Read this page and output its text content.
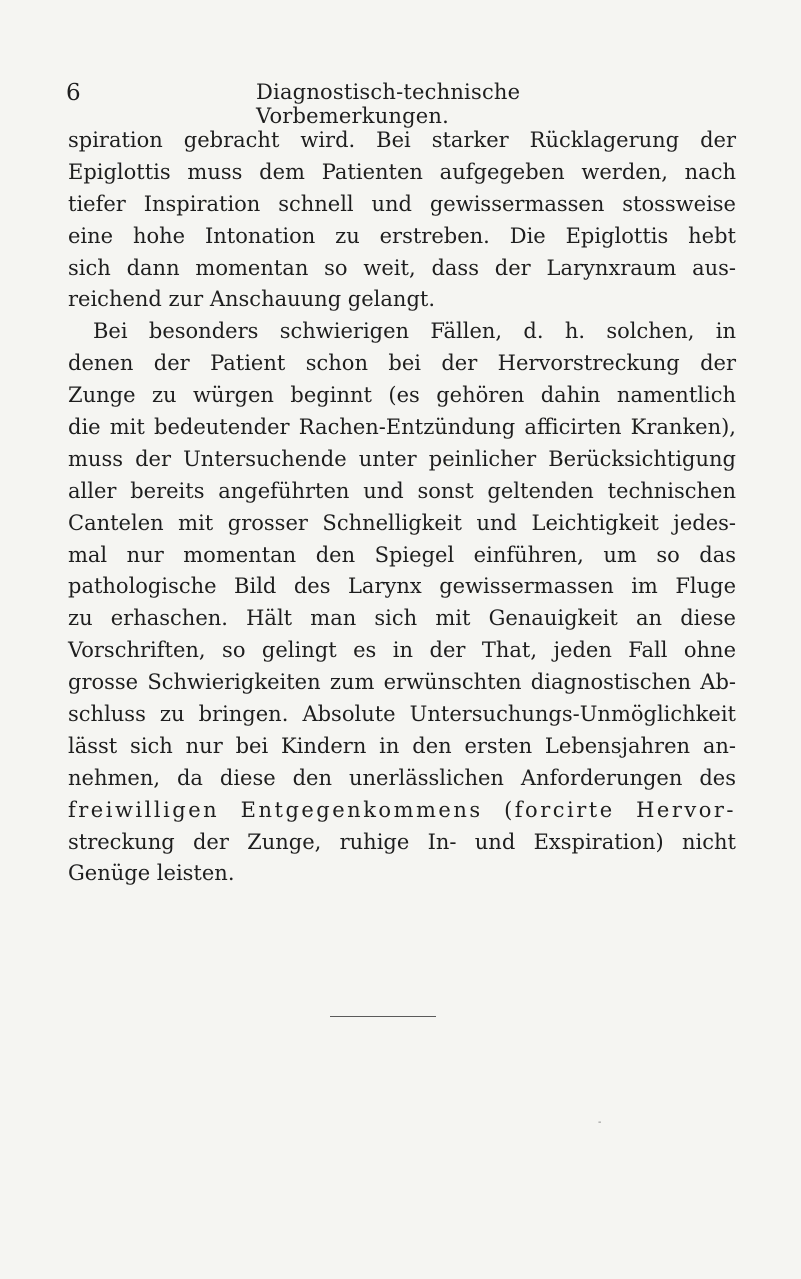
6	Diagnostisch-technische Vorbemerkungen.
spiration gebracht wird. Bei starker Rücklagerung der
Epiglottis muss dem Patienten aufgegeben werden, nach
tiefer Inspiration schnell und gewissermassen stossweise
eine hohe Intonation zu erstreben. Die Epiglottis hebt
sich dann momentan so weit, dass der Larynxraum aus-
reichend zur Anschauung gelangt.
Bei besonders schwierigen Fällen, d. h. solchen, in
denen der Patient schon bei der Hervorstreckung der
Zunge zu würgen beginnt (es gehören dahin namentlich
die mit bedeutender Rachen-Entzündung afficirten Kranken),
muss der Untersuchende unter peinlicher Berücksichtigung
aller bereits angeführten und sonst geltenden technischen
Cantelen mit grosser Schnelligkeit und Leichtigkeit jedes-
mal nur momentan den Spiegel einführen, um so das
pathologische Bild des Larynx gewissermassen im Fluge
zu erhaschen. Hält man sich mit Genauigkeit an diese
Vorschriften, so gelingt es in der That, jeden Fall ohne
grosse Schwierigkeiten zum erwünschten diagnostischen Ab-
schluss zu bringen. Absolute Untersuchungs-Unmöglichkeit
lässt sich nur bei Kindern in den ersten Lebensjahren an-
nehmen, da diese den unerlässlichen Anforderungen des
freiwilligen Entgegenkommens (forcirte Hervor-
streckung der Zunge, ruhige In- und Exspiration) nicht
Genüge leisten.
-
